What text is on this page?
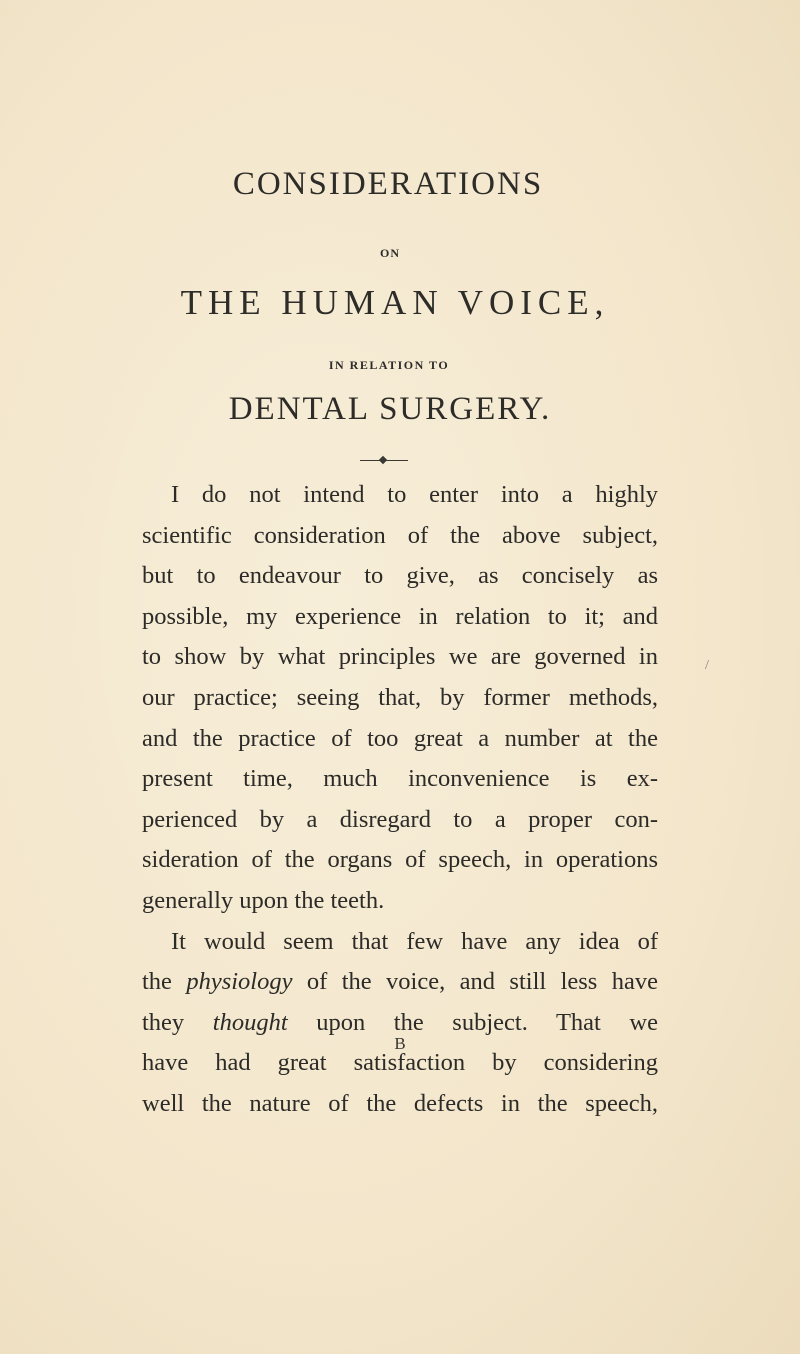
CONSIDERATIONS
ON
THE HUMAN VOICE,
IN RELATION TO
DENTAL SURGERY.
I do not intend to enter into a highly
scientific consideration of the above subject,
but to endeavour to give, as concisely as
possible, my experience in relation to it; and
to show by what principles we are governed in
our practice; seeing that, by former methods,
and the practice of too great a number at the
present time, much inconvenience is ex-
perienced by a disregard to a proper con-
sideration of the organs of speech, in operations
generally upon the teeth.
It would seem that few have any idea of
the physiology of the voice, and still less have
they thought upon the subject. That we
have had great satisfaction by considering
well the nature of the defects in the speech,
B
/
